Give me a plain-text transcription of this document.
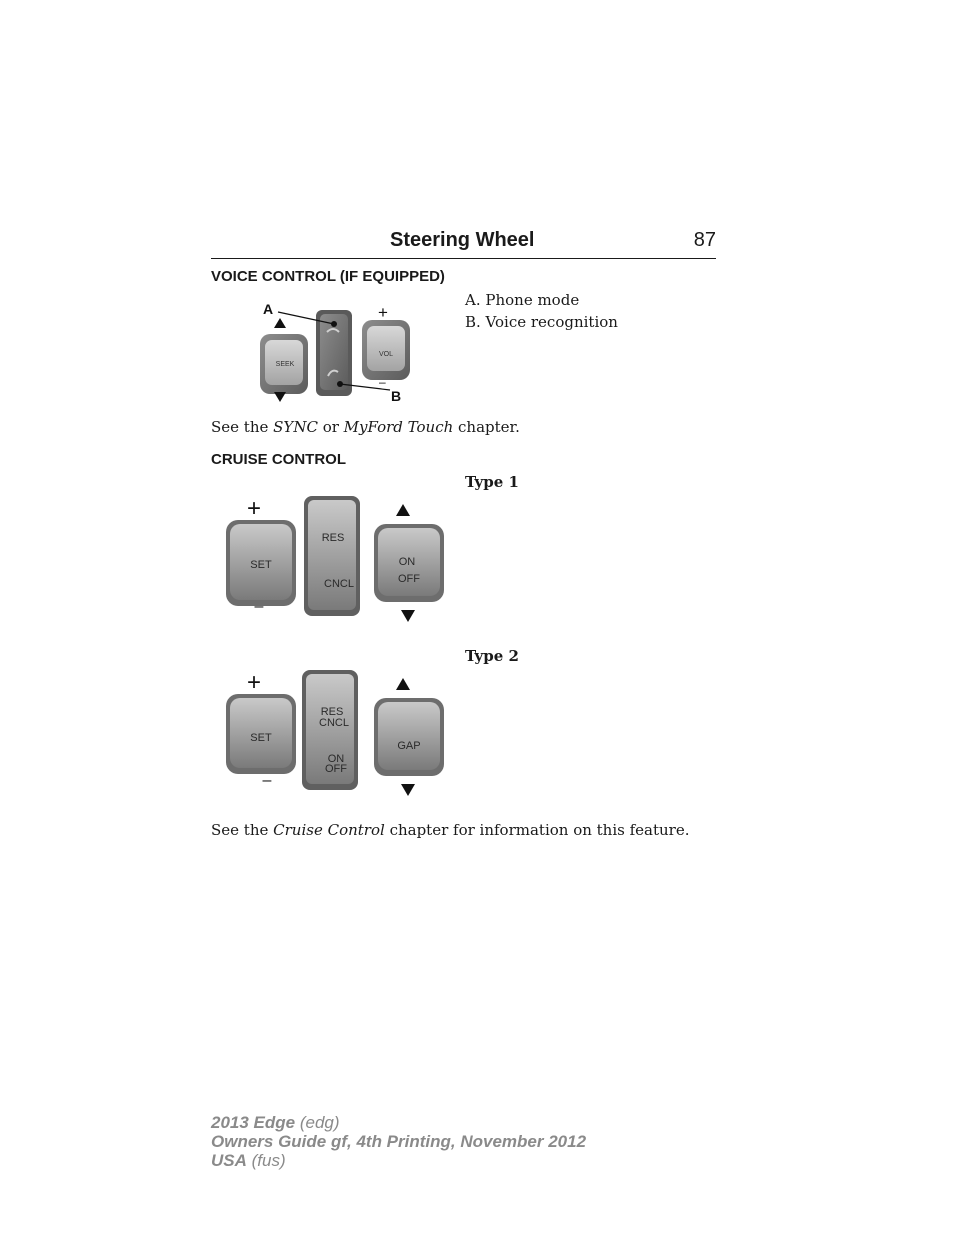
Steering Wheel	87
VOICE CONTROL (IF EQUIPPED)
SEEK
VOL
A
B
+
–
A. Phone mode
B. Voice recognition
See the SYNC or MyFord Touch chapter.
CRUISE CONTROL
Type 1
SET
RES
CNCL
ON
OFF
+
–
Type 2
SET
RES
CNCL
ON
OFF
GAP
+
–
See the Cruise Control chapter for information on this feature.
2013 Edge (edg)
Owners Guide gf, 4th Printing, November 2012
USA (fus)
